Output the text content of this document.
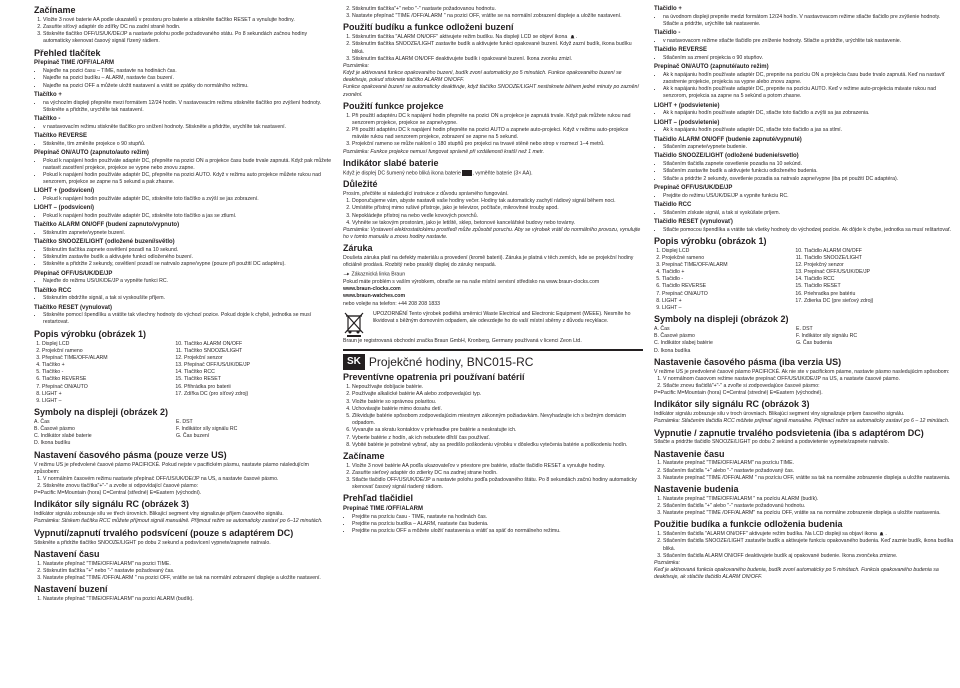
Začíname
1. Vložte 3 nové baterie AA podle ukazatelů v prostoru pro baterie a stiskněte tlačítko RESET a vynulujte hodiny.
2. Zasuňte síťový adaptér do zdířky DC na zadní straně hodin.
3. Stiskněte tlačítko OFF/US/UK/DE/JP a nastavte polohu podle požadovaného státu. Po 8 sekundách začnou hodiny automaticky skenovat časový signál řízený rádiem.
Přehled tlačítek
Přepínač TIME /OFF/ALARM
• Najeďte na pozici času – TIME, nastavte na hodinách čas.
• Najeďte na pozici budíku – ALARM, nastavte čas buzení.
• Najeďte na pozici OFF a můžete uložit nastavení a vrátit se zpátky do normálního režimu.
Tlačítko +
• na výchozím displeji přepněte mezi formátem 12/24 hodin. V nastavovacím režimu stiskněte tlačítko pro zvýšení hodnoty. Stiskněte a přidržte, urychlíte tak nastavení.
Tlačítko -
• v nastavovacím režimu stiskněte tlačítko pro snížení hodnoty. Stiskněte a přidržte, urychlíte tak nastavení.
Tlačítko REVERSE
• Stiskněte, tím změníte projekce o 90 stupňů.
Přepínač ON/AUTO (zapnuto/auto režim)
• Pokud k napájení hodin používáte adaptér DC, přepněte na pozici ON a projekce času bude trvale zapnutá. Když pak můžete nastavit zaostření projekce, projekce se vypne nebo znovu zapne.
• Pokud k napájení hodin používáte adaptér DC, přepněte na pozici AUTO. Když v režimu auto projekce můžete rukou nad senzorem, projekce se zapne na 5 sekund a pak zhasne.
LIGHT + (podsvícení)
• Pokud k napájení hodin používáte adaptér DC, stiskněte toto tlačítko a zvýší se jas zobrazení.
LIGHT – (podsvícení)
• Pokud k napájení hodin používáte adaptér DC, stiskněte toto tlačítko a jas se ztlumí.
Tlačítko ALARM ON/OFF (budení zapnuto/vypnuto)
• Stisknutím zapnete/vypnete buzení.
Tlačítko SNOOZE/LIGHT (odložené buzení/světlo)
• Stisknutím tlačítka zapnete osvětlení pozadí na 10 sekund.
• Stisknutím zastavíte budík a aktivujete funkci odloženého buzení.
• Stiskněte a přidržte 2 sekundy, osvětlení pozadí se natrvalo zapne/vypne (pouze při použití DC adaptéru).
Přepínač OFF/US/UK/DE/JP
• Najeďte do režimu US/UK/DE/JP a vypněte funkci RC.
Tlačítko RCC
• Stisknutím obdržíte signál, a tak si vyskoušíte příjem.
Tlačítko RESET (vynulovat)
• Stiskněte pomocí špendlíku a vrátíte tak všechny hodnoty do výchozí pozice. Pokud dojde k chybě, jednotka se musí restartovat.
Popis výrobku (obrázek 1)
1. Displej LCD
2. Projekční rameno
3. Přepínač TIME/OFF/ALARM
4. Tlačítko +
5. Tlačítko -
6. Tlačítko REVERSE
7. Přepínač ON/AUTO
8. LIGHT +
9. LIGHT –
10. Tlačítko ALARM ON/OFF
11. Tlačítko SNOOZE/LIGHT
12. Projekční senzor
13. Přepínač OFF/US/UK/DE/JP
14. Tlačítko RCC
15. Tlačítko RESET
16. Přihrádka pro baterii
17. Zdířka DC (pro síťový zdroj)
Symboly na displeji (obrázek 2)

A. Čas

B. Časové pásmo

C. Indikátor slabé baterie

D. Ikona budíku

E. DST

F. Indikátor síly signálu RC

G. Čas buzení

Nastavení časového pásma (pouze verze US)

V režimu US je předvolené časové pásmo PACIFICKÉ. Pokud nejste v pacifickém pásmu, nastavte pásmo následujícím způsobem:

1. V normálním časovém režimu nastavte přepínač OFF/US/UK/DE/JP na US, a nastavte časové pásmo.
2. Stiskněte znovu tlačítka"+"-" a zvolte si odpovídající časové pásmo:

P=Pacific M=Mountain (hora) C=Central (středné) E=Eastern (východní).

Indikátor síly signálu RC (obrázek 3)

Indikátor signálu zobrazuje sílu ve třech úrovních. Blikající segment vlny signalizuje příjem časového signálu.

Poznámka: Stiskem tlačítka RCC můžete příjmout signál manuálně. Příjmout režim se automaticky zastaví po 6–12 minutách.

Vypnutí/zapnutí trvalého podsvícení (pouze s adaptérem DC)

Stiskněte a přidržte tlačítko SNOOZE/LIGHT po dobu 2 sekund a podsvícení vypnete/zapnete natrvalo.

Nastavení času
1. Nastavte přepínač "TIME/OFF/ALARM" na pozici TIME.
2. Stisknutím tlačítka "+" nebo "-" nastavte požadovaný čas.
3. Nastavte přepínač "TIME /OFF/ALARM " na pozici OFF, vrátíte se tak na normální zobrazení displeje a uložíte nastavení.
Nastavení buzení
1. Nastavte přepínač "TIME/OFF/ALARM" na pozici ALARM (budík).
2. Stisknutím tlačítka"+" nebo "-" nastavte požadovanou hodnotu.
3. Nastavte přepínač "TIME /OFF/ALARM " na pozici OFF, vrátíte se na normální zobrazení displeje a uložíte nastavení.
Použití budíku a funkce odloženi buzení
1. Stisknutím tlačítka "ALARM ON/OFF" aktivujete režim budíku. Na displeji LCD se objeví ikona .
2. Stisknutím tlačítka SNOOZE/LIGHT zastavíte budík a aktivujete funkci opakované buzení. Když zazní budík, ikona budíku bliká.
3. Stisknutím tlačítka ALARM ON/OFF deaktivujete budík i opakované buzení. Ikona zvonku zmizí.

Poznámka:

Když je aktivovaná funkce opakovaného buzení, budík zvoní automaticky po 5 minutách. Funkce opakovaného buzení se deaktivuje, pokud stisknete tlačítko ALARM ON/OFF.

Funkce opakované buzení se automaticky deaktivuje, když tlačítko SNOOZE/LIGHT nestisknete během jedné minuty po zaznění zvonění.

Použití funkce projekce
1. Při použití adaptéru DC k napájení hodin přepněte na pozici ON a projekce je zapnutá trvale. Když pak můžete rukou nad senzorem projekce, projekce se zapne/vypne.
2. Při použití adaptéru DC k napájení hodin přepněte na pozici AUTO a zapnete auto-projekci. Když v režimu auto-projekce máváte rukou nad senzorem projekce, zobrazení se zapne na 5 sekund.
3. Projekční rameno se může nakloní o 180 stupňů pro projekci na trvavé stěně nebo strop v rozmezí 1–4 metrů.

Poznámka: Funkce projekce nemusí fungovat správně při vzdálenosti kratší než 1 metr.

Indikátor slabé baterie

Když je displej DC šumený nebo bliká ikona baterie , vyměňte baterie (3× AA).

Důležité

Prosím, přečtěte si následující instrukce z důvodu správného fungování.

1. Doporučujeme vám, abyste nastavili vaše hodiny večer. Hodiny tak automaticky zachytí rádiový signál během noci.
2. Umístěte přístroj mimo rušivé přístroje, jako je televizor, počítače, mikrovlnné trouby apod.
3. Nepokládejte přístroj na nebo vedle kovových povrchů.
4. Vyhněte se takovým prostorám, jako je letiště, sklep, betonové kancelářské budovy nebo továrny.

Poznámka: Vystavení elektrostatickému prostředí může způsobit poruchu. Aby se výrobek vrátil do normálního provozu, vynulujte ho v tomto manuálu a znovu hodiny nastavte.

Záruka

Doušeta záruka platí na defekty materiálu a provedení (kromě baterii). Záruka je platná v těch zemích, kde se projekční hodiny oficiálně prodává. Rozbitý nebo prasklý displej do záruky nespadá.

Zákaznická linka Braun

Pokud máte problém s vaším výrobkem, obraťte se na naše místní servisní středisko na www.braun-clocks.com

www.braun-clocks.com

www.braun-watches.com

nebo volejte na telefon: +44 208 208 1833

UPOZORNĚNÍ Tento výrobek podléhá směrnici Waste Electrical and Electronic Equipment (WEEE). Nesmíte ho likvidovat s běžným domovním odpadem, ale odevzdejte ho do vaší místní sběrny z důvodu recyklace.

Braun je registrovaná obchodní značka Braun GmbH, Kronberg, Germany používaná v licenci Zeon Ltd.

SK Projekčné hodiny, BNC015-RC
Preventívne opatrenia pri používaní batérií
1. Nepoužívajte dobíjacie batérie.
2. Používajte alkalické batérie AA alebo zodpovedajúci typ.
3. Vložte batérie so správnou polaritou.
4. Uchovávajte batérie mimo dosahu detí.
5. Zlikvidujte batérie spôsobom zodpovedajúcim miestnym zákonným požiadavkám. Nevyhadzujte ich s bežným domácim odpadom.
6. Vyvarujte sa skratu kontaktov v priehradke pre batérie a neskratujte ich.
7. Vyberte batérie z hodín, ak ich nebudete dlhší čas používať.
8. Vybité batérie je potrebné vybrať, aby sa predišlo poškodeniu výrobku v dôsledku vytečenia batérie a poškodeniu hodín.
Začíname
1. Vložte 3 nové batérie AA podľa ukazovateľov v priestore pre batérie, stlačte tlačidlo RESET a vynulujte hodiny.
2. Zasuňte sieťový adaptér do zdierky DC na zadnej strane hodín.
3. Stlačte tlačidlo OFF/US/UK/DE/JP a nastavte polohu podľa požadovaného štátu. Po 8 sekundách začnú hodiny automaticky skenovať časový signál riadený rádiom.
Prehľad tlačidiel
Prepínač TIME /OFF/ALARM
• Prejdite na pozíciu času - TIME, nastavte na hodinách čas.
• Prejdite na pozíciu budíka – ALARM, nastavte čas budenia.
• Prejdite na pozíciu OFF a môžete uložiť nastavenia a vrátiť sa späť do normálneho režimu.
Tlačidlo +
• na úvodnom displeji prepnite medzi formátom 12/24 hodín. V nastavovacom režime stlačte tlačidlo pre zvýšenie hodnoty. Stlačte a pridržte, urýchlite tak nastavenie.
Tlačidlo -
• v nastavovacom režime stlačte tlačidlo pre zníženie hodnoty. Stlačte a pridržte, urýchlite tak nastavenie.
Tlačidlo REVERSE
• Stlačením sa zmení projekcia o 90 stupňov.
Prepínač ON/AUTO (zapnuté/auto režim)
• Ak k napájaniu hodín používate adaptér DC, prepnite na pozíciu ON a projekcia času bude trvalo zapnutá. Keď na nastaviť zaostrenie projekcie, projekcia sa vypne alebo znovu zapne.
• Ak k napájaniu hodín používate adaptér DC, prepnite na pozíciu AUTO. Keď v režime auto-projekcia mávate rukou nad senzorom, projekcia sa zapne na 5 sekúnd a potom zhasne.
LIGHT + (podsvietenie)
• Ak k napájaniu hodín používate adaptér DC, stlačte toto tlačidlo a zvýši sa jas zobrazenia.
LIGHT – (podsvietenie)
• Ak k napájaniu hodín používate adaptér DC, stlačte toto tlačidlo a jas sa stlmí.
Tlačidlo ALARM ON/OFF (budenie zapnuté/vypnuté)
• Stlačením zapnete/vypnete budenie.
Tlačidlo SNOOZE/LIGHT (odložené budenie/svetlo)
• Stlačením tlačidla zapnete osvetlenie pozadia na 10 sekúnd.
• Stlačením zastavíte budík a aktivujete funkciu odloženého budenia.
• Stlačte a pridržte 2 sekundy, osvetlenie pozadia sa natrvalo zapne/vypne (iba pri použití DC adaptéra).
Prepínač OFF/US/UK/DE/JP
• Prejdite do režimu US/UK/DE/JP a vypnite funkciu RC.
Tlačidlo RCC
• Stlačením získate signál, a tak si vyskúšate príjem.
Tlačidlo RESET (vynulovať)
• Stlačte pomocou špendlíka a vrátite tak všetky hodnoty do východzej pozície. Ak dôjde k chybe, jednotka sa musí reštartovať.
Popis výrobku (obrázok 1)
1. Displej LCD
2. Projekčné rameno
3. Prepínač TIME/OFF/ALARM
4. Tlačidlo +
5. Tlačidlo -
6. Tlačidlo REVERSE
7. Prepínač ON/AUTO
8. LIGHT +
9. LIGHT –
10. Tlačidlo ALARM ON/OFF
11. Tlačidlo SNOOZE/LIGHT
12. Projekčný senzor
13. Prepínač OFF/US/UK/DE/JP
14. Tlačidlo RCC
15. Tlačidlo RESET
16. Priehradka pre batériu
17. Zdierka DC (pre sieťový zdroj)
Symboly na displeji (obrázok 2)

A. Čas

B. Časové pásmo

C. Indikátor slabej batérie

D. Ikona budíka

E. DST

F. Indikátor sily signálu RC

G. Čas budenia

Nastavenie časového pásma (iba verzia US)

V režime US je predvolené časové pásmo PACIFICKÉ. Ak nie ste v pacifickom pásme, nastavte pásmo nasledujúcim spôsobom:

1. V normálnom časovom režime nastavte prepínač OFF/US/UK/DE/JP na US, a nastavte časové pásmo.
2. Stlačte znovu tlačidlá"+"-" a zvoľte si zodpovedajúce časové pásmo:

P=Pacific M=Mountain (hora) C=Central (stredné) E=Eastern (východné).

Indikátor sily signálu RC (obrázok 3)

Indikátor signálu zobrazuje silu v troch úrovniach. Blikajúci segment vlny signalizuje príjem časového signálu.

Poznámka: Stlačením tlačidla RCC môžete prijímať signál manuálne. Prijímací režim sa automaticky zastaví po 6 – 12 minútach.

Vypnutie / zapnutie trvalého podsvietenia (iba s adaptérom DC)

Stlačte a pridržte tlačidlo SNOOZE/LIGHT po dobu 2 sekúnd a podsvietenie vypnete/zapnete natrvalo.

Nastavenie času
1. Nastavte prepínač "TIME/OFF/ALARM" na pozíciu TIME.
2. Stlačením tlačidla "+" alebo "-" nastavte požadovaný čas.
3. Nastavte prepínač "TIME /OFF/ALARM " na pozíciu OFF, vrátite sa tak na normálne zobrazenie displeja a uložíte nastavenia.
Nastavenie budenia
1. Nastavte prepínač "TIME/OFF/ALARM " na pozíciu ALARM (budík).
2. Stlačením tlačidla "+" alebo "-" nastavte požadovanú hodnotu.
3. Nastavte prepínač "TIME /OFF/ALARM" na pozíciu OFF, vrátite sa na normálne zobrazenie displeja a uložíte nastavenia.
Použitie budíka a funkcie odloženia budenia
1. Stlačením tlačidla "ALARM ON/OFF" aktivujete režim budíka. Na LCD displeji sa objaví ikona .
2. Stlačením tlačidla SNOOZE/LIGHT zastavíte budík a aktivujete funkciu opakovaného budenia. Keď zaznie budík, ikona budíka bliká.
3. Stlačením tlačidla ALARM ON/OFF deaktivujete budík aj opakované budenie. Ikona zvončeka zmizne.

Poznámka:

Keď je aktivovaná funkcia opakovaného budenia, budík zvoní automaticky po 5 minútach. Funkcia opakovaného budenia sa deaktivuje, ak stlačíte tlačidlo ALARM ON/OFF.
